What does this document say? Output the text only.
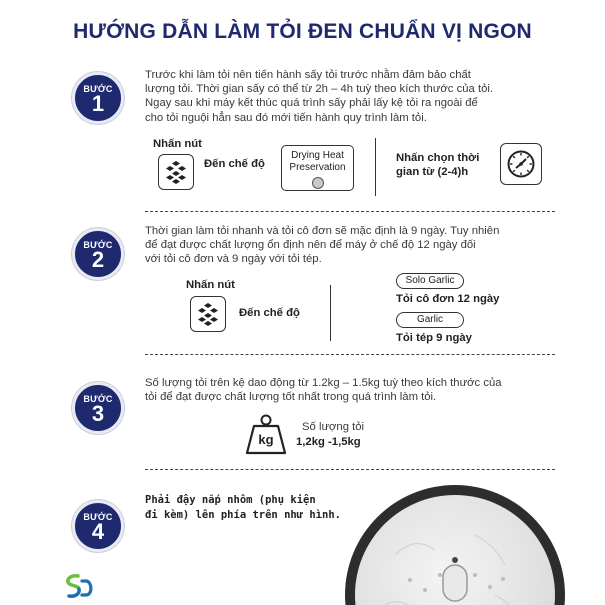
HƯỚNG DẪN LÀM TỎI ĐEN CHUẨN VỊ NGON
BƯỚC
1
Trước khi làm tỏi nên tiến hành sấy tỏi trước nhằm đảm bảo chất
lượng tỏi. Thời gian sấy có thể từ 2h – 4h tuỳ theo kích thước của tỏi.
Ngay sau khi máy kết thúc quá trình sấy phải lấy kệ tỏi ra ngoài để
cho tỏi nguội hẳn sau đó mới tiến hành quy trình làm tỏi.
Nhấn nút
Đến chế độ
Drying Heat
Preservation
Nhấn chọn thời
gian từ (2-4)h
BƯỚC
2
Thời gian làm tỏi nhanh và tỏi cô đơn sẽ mặc định là 9 ngày. Tuy nhiên
để đạt được chất lượng ổn định nên để máy ở chế độ 12 ngày đối
với tỏi cô đơn và 9 ngày với tỏi tép.
Nhấn nút
Đến chế độ
Solo Garlic
Tỏi cô đơn 12 ngày
Garlic
Tỏi tép 9 ngày
BƯỚC
3
Số lượng tỏi trên kệ dao động từ 1.2kg – 1.5kg tuỳ theo kích thước của
tỏi để đạt được chất lượng tốt nhất trong quá trình làm tỏi.
kg
Số lượng tỏi
1,2kg -1,5kg
BƯỚC
4
Phải đậy nắp nhôm (phụ kiện
đi kèm) lên phía trên như hình.
